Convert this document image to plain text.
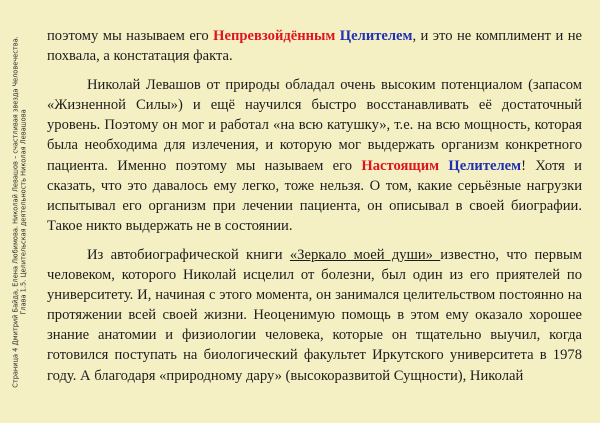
Страница 4 Дмитрий Байда, Елена Любимова. Николай Левашов – счастливая звезда Человечества. Глава 1.5. Целительская деятельность Николая Левашова

поэтому мы называем его Непревзойдённым Целителем, и это не комплимент и не похвала, а констатация факта.

Николай Левашов от природы обладал очень высоким потенциалом (запасом «Жизненной Силы») и ещё научился быстро восстанавливать её достаточный уровень. Поэтому он мог и работал «на всю катушку», т.е. на всю мощность, которая была необходима для излечения, и которую мог выдержать организм конкретного пациента. Именно поэтому мы называем его Настоящим Целителем! Хотя и сказать, что это давалось ему легко, тоже нельзя. О том, какие серьёзные нагрузки испытывал его организм при лечении пациента, он описывал в своей биографии. Такое никто выдержать не в состоянии.

Из автобиографической книги «Зеркало моей души» известно, что первым человеком, которого Николай исцелил от болезни, был один из его приятелей по университету. И, начиная с этого момента, он занимался целительством постоянно на протяжении всей своей жизни. Неоценимую помощь в этом ему оказало хорошее знание анатомии и физиологии человека, которые он тщательно выучил, когда готовился поступать на биологический факультет Иркутского университета в 1978 году. А благодаря «природному дару» (высокоразвитой Сущности), Николай
